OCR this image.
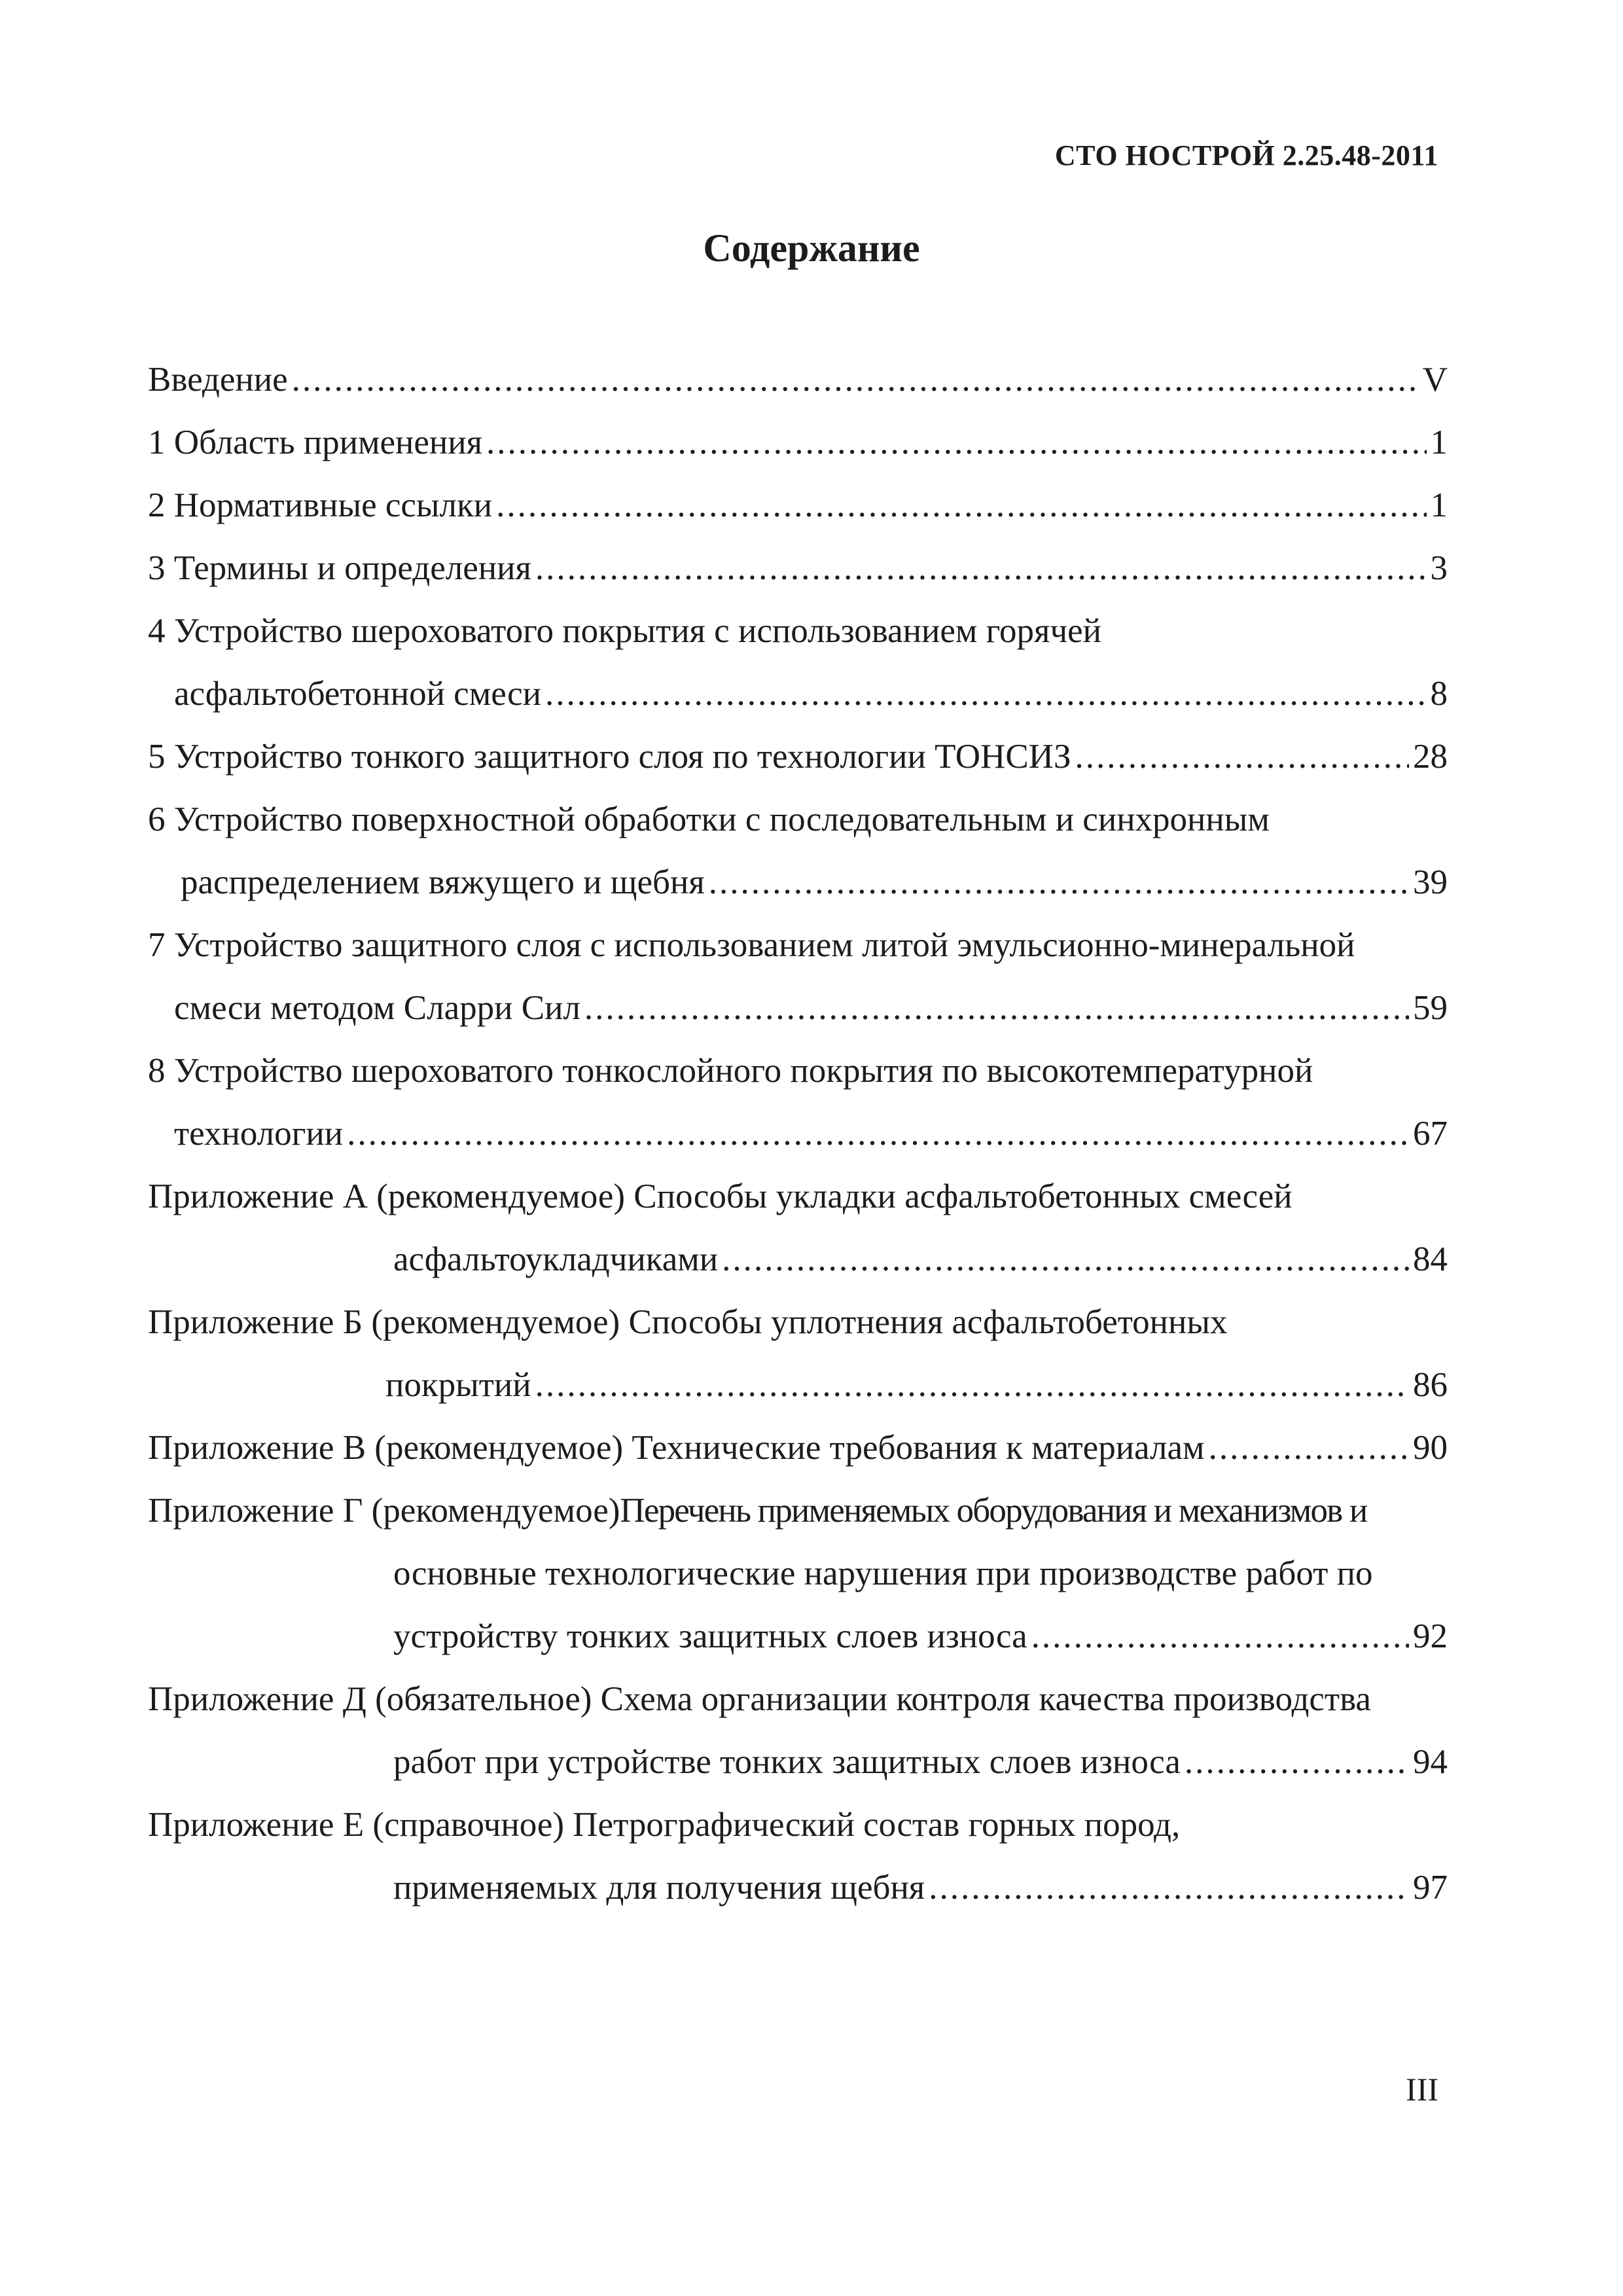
СТО НОСТРОЙ 2.25.48-2011
Содержание
Введение .....	V
1 Область применения .....	1
2 Нормативные ссылки .....	1
3 Термины и определения .....	3
4 Устройство шероховатого покрытия с использованием горячей
асфальтобетонной смеси .....	8
5 Устройство тонкого защитного слоя по технологии ТОНСИЗ .....	28
6 Устройство поверхностной обработки с последовательным и синхронным
распределением вяжущего и щебня .....	39
7 Устройство защитного слоя с использованием литой эмульсионно-минеральной
смеси методом Сларри Сил .....	59
8 Устройство шероховатого тонкослойного покрытия по высокотемпературной
технологии .....	67
Приложение А (рекомендуемое) Способы укладки асфальтобетонных смесей
асфальтоукладчиками .....	84
Приложение Б (рекомендуемое) Способы уплотнения асфальтобетонных
покрытий .....	86
Приложение В (рекомендуемое) Технические требования к материалам .....	90
Приложение Г (рекомендуемое) Перечень применяемых оборудования и механизмов и
основные технологические нарушения при производстве работ по
устройству тонких защитных слоев износа .....	92
Приложение Д (обязательное) Схема организации контроля качества производства
работ при устройстве тонких защитных слоев износа .....	94
Приложение Е (справочное) Петрографический состав горных пород,
применяемых для получения щебня .....	97
III
